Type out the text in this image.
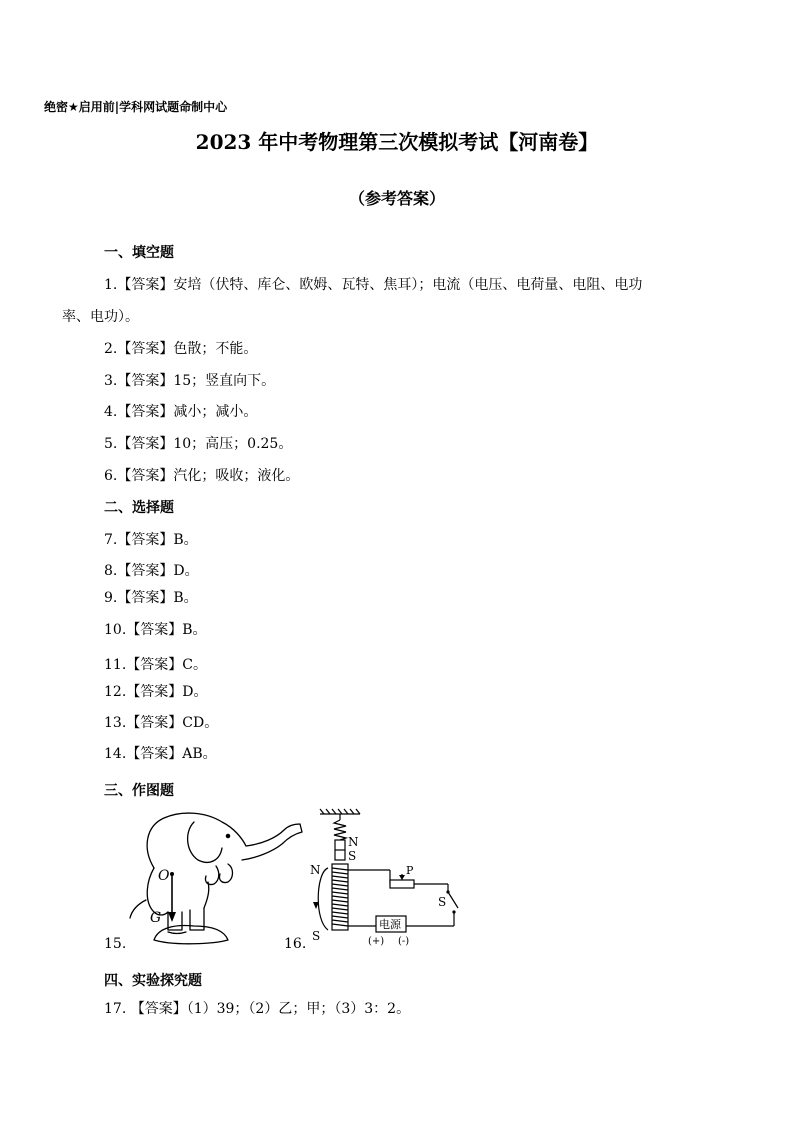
绝密★启用前|学科网试题命制中心
2023 年中考物理第三次模拟考试【河南卷】
（参考答案）
一、填空题
1.【答案】安培（伏特、库仑、欧姆、瓦特、焦耳）；电流（电压、电荷量、电阻、电功
率、电功）。
2.【答案】色散；不能。
3.【答案】15；竖直向下。
4.【答案】减小；减小。
5.【答案】10；高压；0.25。
6.【答案】汽化；吸收；液化。
二、选择题
7.【答案】B。
8.【答案】D。
9.【答案】B。
10.【答案】B。
11.【答案】C。
12.【答案】D。
13.【答案】CD。
14.【答案】AB。
三、作图题
15.
O
G
16.
N
S
N
S
P
S
电源
(+) (-)
四、实验探究题
17. 【答案】（1）39；（2）乙；甲；（3）3：2。
